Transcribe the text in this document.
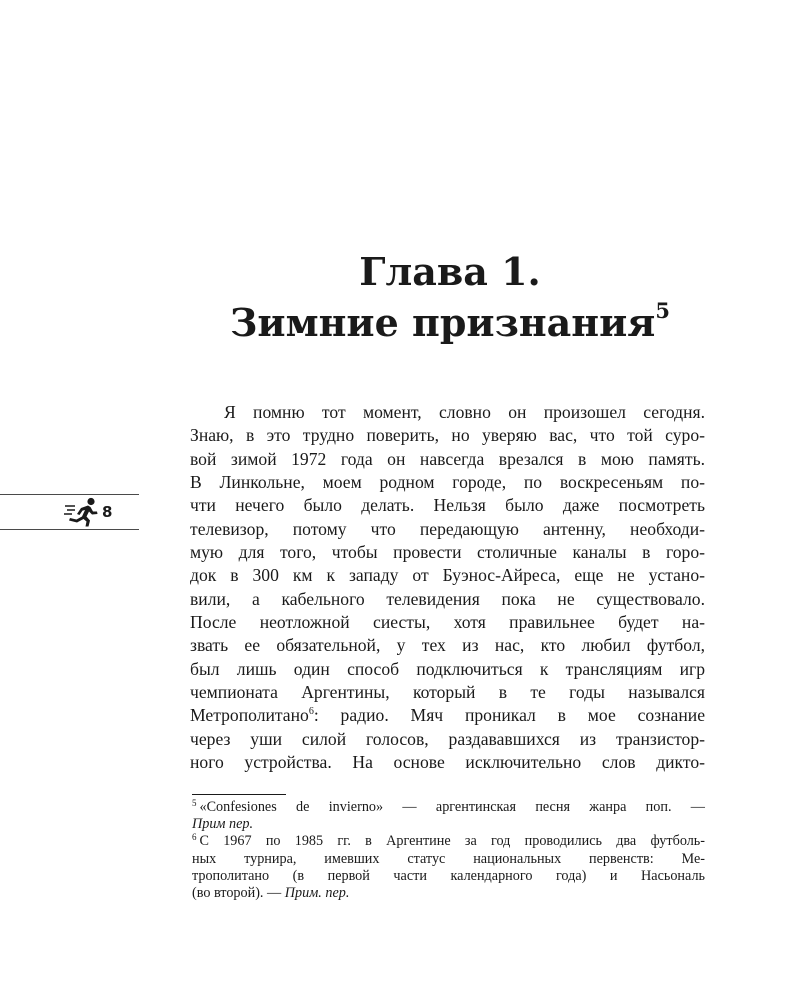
Глава 1.
Зимние признания$^5$
Я помню тот момент, словно он произошел сегодня.
Знаю, в это трудно поверить, но уверяю вас, что той суро-
вой зимой 1972 года он навсегда врезался в мою память.
В Линкольне, моем родном городе, по воскресеньям по-
чти нечего было делать. Нельзя было даже посмотреть
телевизор, потому что передающую антенну, необходи-
мую для того, чтобы провести столичные каналы в горо-
док в 300 км к западу от Буэнос-Айреса, еще не устано-
вили, а кабельного телевидения пока не существовало.
После неотложной сиесты, хотя правильнее будет на-
звать ее обязательной, у тех из нас, кто любил футбол,
был лишь один способ подключиться к трансляциям игр
чемпионата Аргентины, который в те годы назывался
Метрополитано$^6$: радио. Мяч проникал в мое сознание
через уши силой голосов, раздававшихся из транзистор-
ного устройства. На основе исключительно слов дикто-
$^5$ «Confesiones de invierno» — аргентинская песня жанра поп. —
Прим пер.
$^6$ С 1967 по 1985 гг. в Аргентине за год проводились два футболь-
ных турнира, имевших статус национальных первенств: Ме-
трополитано (в первой части календарного года) и Насьональ
(во второй). — Прим. пер.
8
